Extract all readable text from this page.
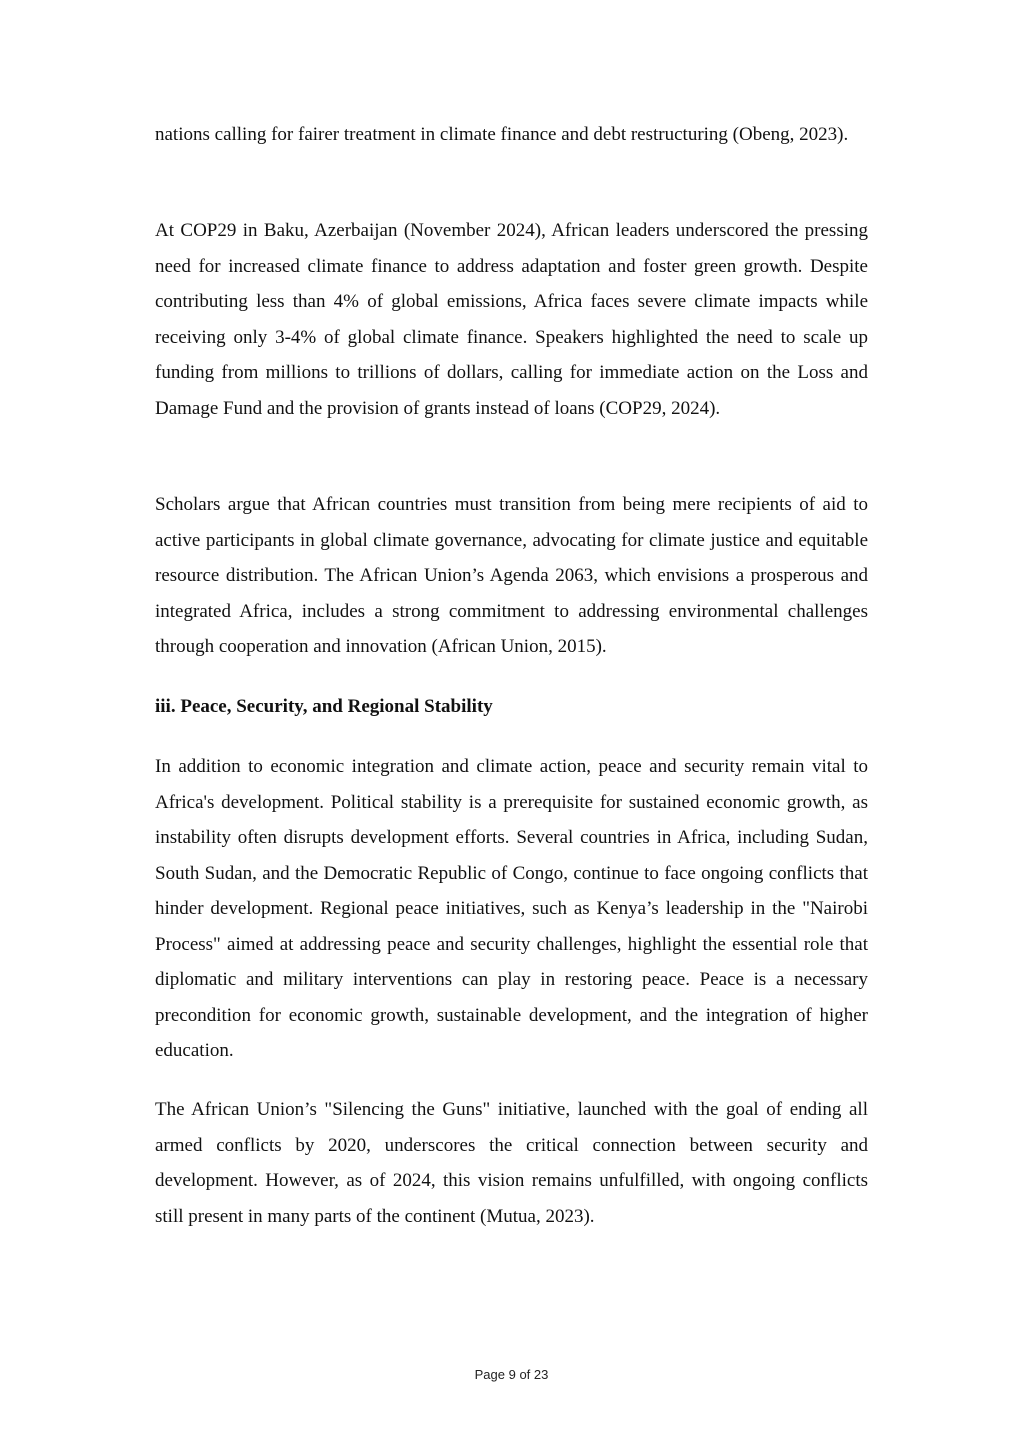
nations calling for fairer treatment in climate finance and debt restructuring (Obeng, 2023).

At COP29 in Baku, Azerbaijan (November 2024), African leaders underscored the pressing need for increased climate finance to address adaptation and foster green growth. Despite contributing less than 4% of global emissions, Africa faces severe climate impacts while receiving only 3-4% of global climate finance. Speakers highlighted the need to scale up funding from millions to trillions of dollars, calling for immediate action on the Loss and Damage Fund and the provision of grants instead of loans (COP29, 2024).

Scholars argue that African countries must transition from being mere recipients of aid to active participants in global climate governance, advocating for climate justice and equitable resource distribution. The African Union’s Agenda 2063, which envisions a prosperous and integrated Africa, includes a strong commitment to addressing environmental challenges through cooperation and innovation (African Union, 2015).

iii. Peace, Security, and Regional Stability

In addition to economic integration and climate action, peace and security remain vital to Africa's development. Political stability is a prerequisite for sustained economic growth, as instability often disrupts development efforts. Several countries in Africa, including Sudan, South Sudan, and the Democratic Republic of Congo, continue to face ongoing conflicts that hinder development. Regional peace initiatives, such as Kenya’s leadership in the "Nairobi Process" aimed at addressing peace and security challenges, highlight the essential role that diplomatic and military interventions can play in restoring peace. Peace is a necessary precondition for economic growth, sustainable development, and the integration of higher education.

The African Union’s "Silencing the Guns" initiative, launched with the goal of ending all armed conflicts by 2020, underscores the critical connection between security and development. However, as of 2024, this vision remains unfulfilled, with ongoing conflicts still present in many parts of the continent (Mutua, 2023).

Page 9 of 23
